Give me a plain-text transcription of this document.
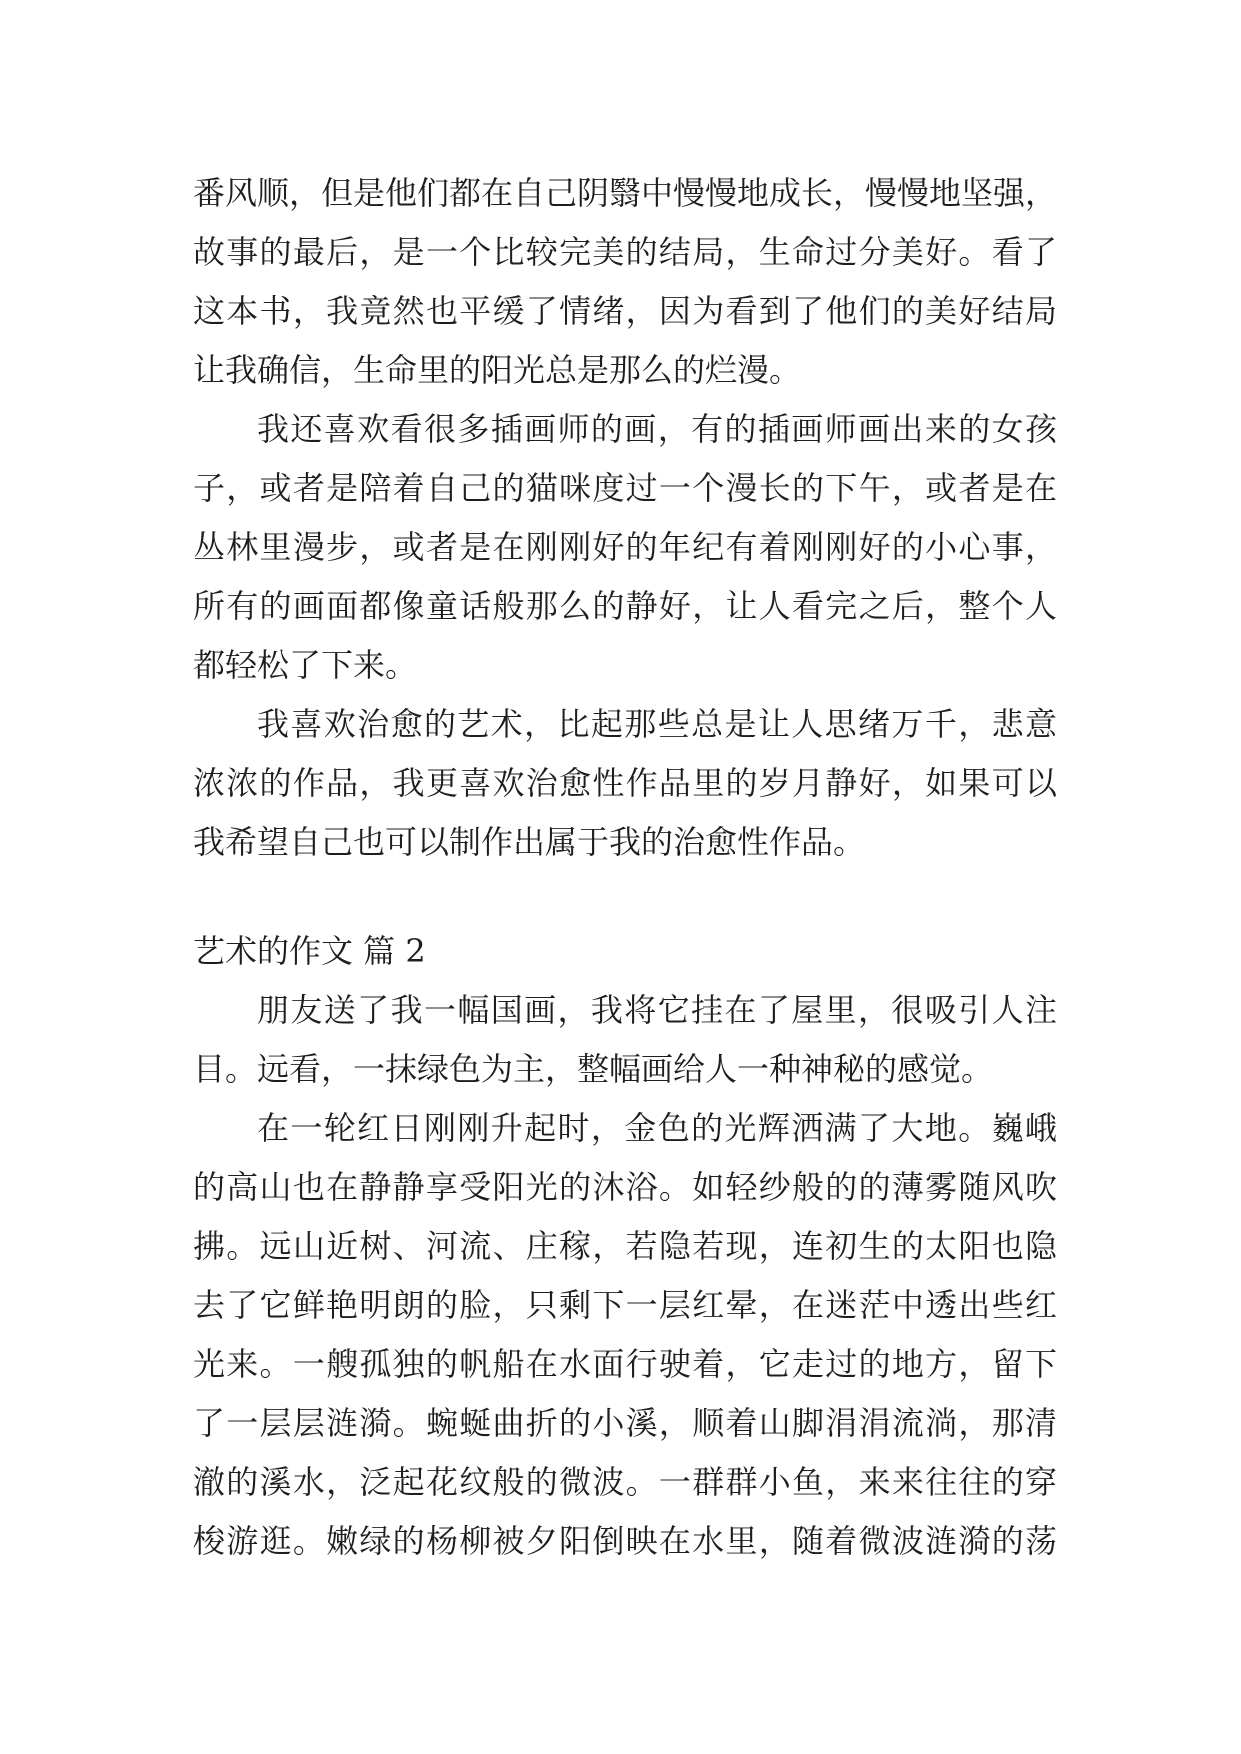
番风顺，但是他们都在自己阴翳中慢慢地成长，慢慢地坚强，
故事的最后，是一个比较完美的结局，生命过分美好。看了
这本书，我竟然也平缓了情绪，因为看到了他们的美好结局
让我确信，生命里的阳光总是那么的烂漫。
我还喜欢看很多插画师的画，有的插画师画出来的女孩
子，或者是陪着自己的猫咪度过一个漫长的下午，或者是在
丛林里漫步，或者是在刚刚好的年纪有着刚刚好的小心事，
所有的画面都像童话般那么的静好，让人看完之后，整个人
都轻松了下来。
我喜欢治愈的艺术，比起那些总是让人思绪万千，悲意
浓浓的作品，我更喜欢治愈性作品里的岁月静好，如果可以
我希望自己也可以制作出属于我的治愈性作品。
艺术的作文 篇 2
朋友送了我一幅国画，我将它挂在了屋里，很吸引人注
目。远看，一抹绿色为主，整幅画给人一种神秘的感觉。
在一轮红日刚刚升起时，金色的光辉洒满了大地。巍峨
的高山也在静静享受阳光的沐浴。如轻纱般的的薄雾随风吹
拂。远山近树、河流、庄稼，若隐若现，连初生的太阳也隐
去了它鲜艳明朗的脸，只剩下一层红晕，在迷茫中透出些红
光来。一艘孤独的帆船在水面行驶着，它走过的地方，留下
了一层层涟漪。蜿蜒曲折的小溪，顺着山脚涓涓流淌，那清
澈的溪水，泛起花纹般的微波。一群群小鱼，来来往往的穿
梭游逛。嫩绿的杨柳被夕阳倒映在水里，随着微波涟漪的荡
